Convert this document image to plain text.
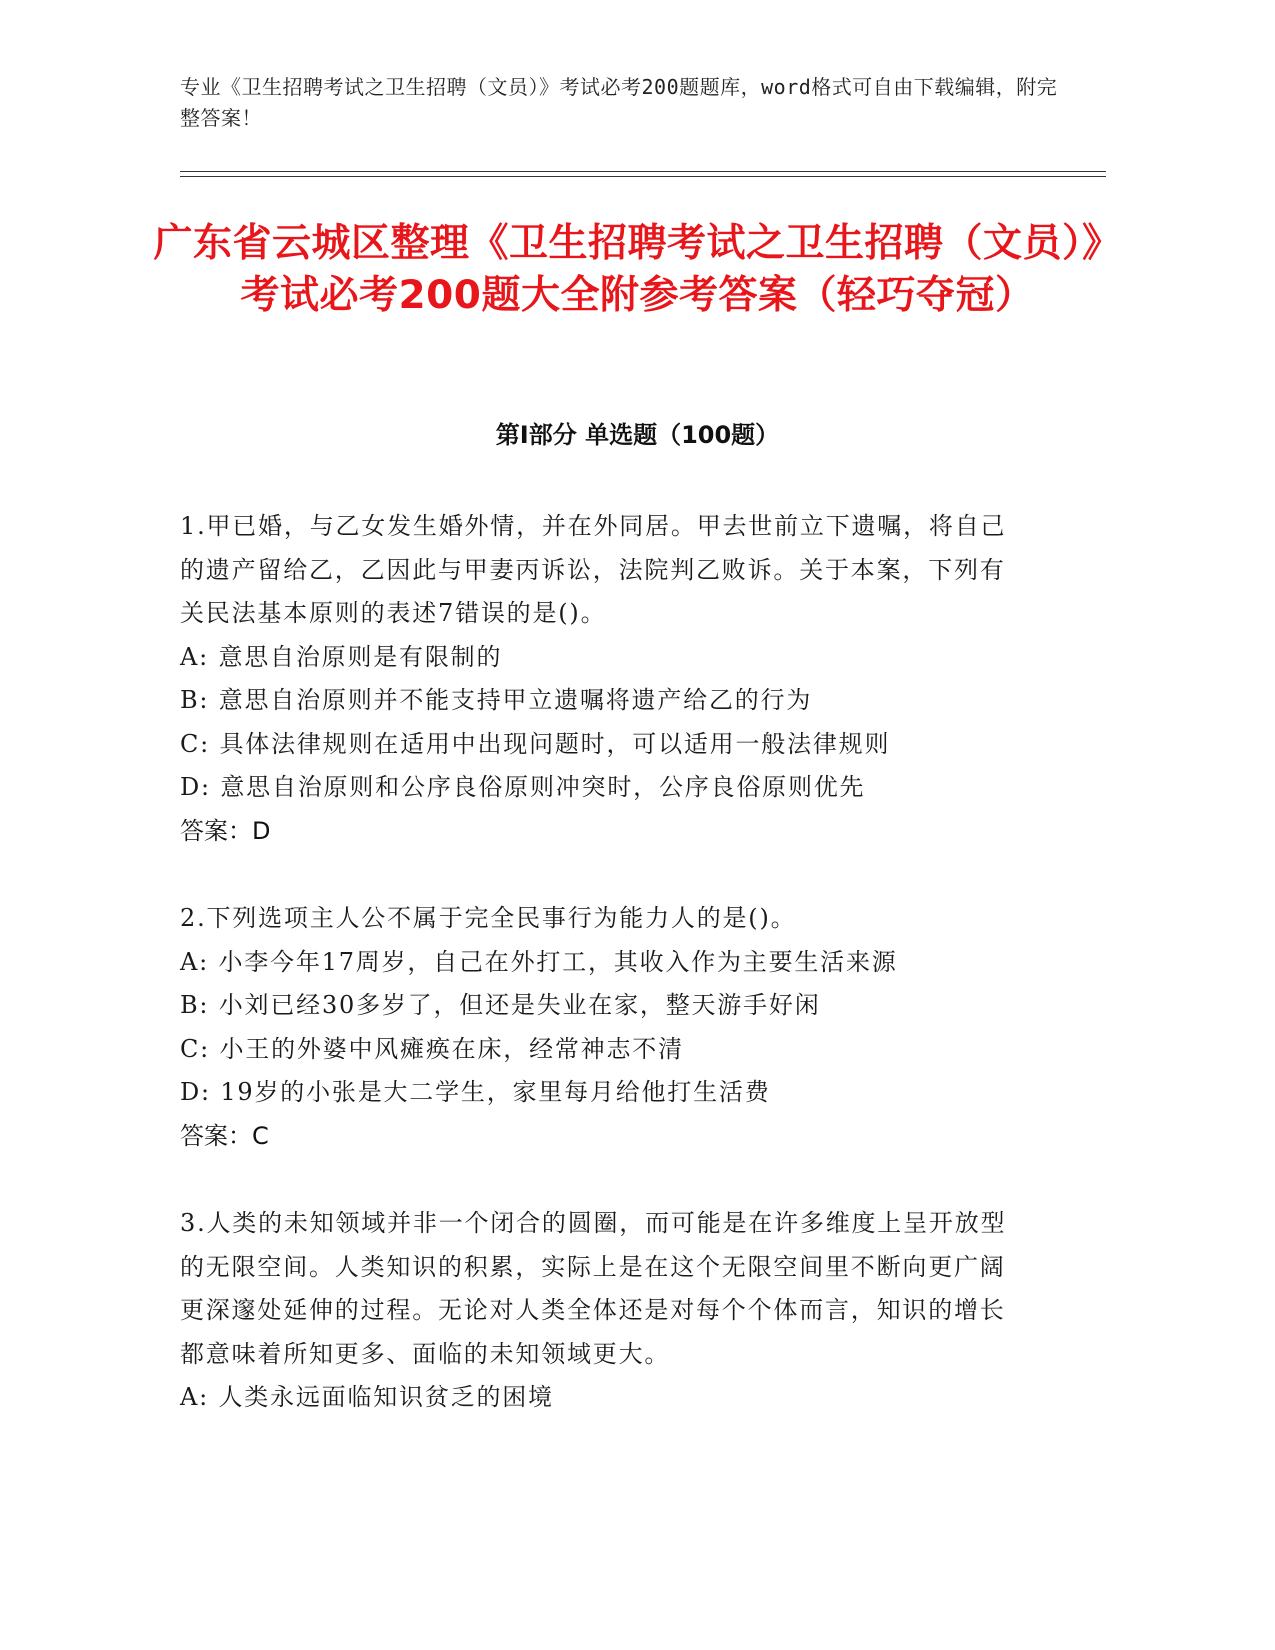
专业《卫生招聘考试之卫生招聘（文员）》考试必考200题题库，word格式可自由下载编辑，附完整答案！
广东省云城区整理《卫生招聘考试之卫生招聘（文员）》考试必考200题大全附参考答案（轻巧夺冠）
第Ⅰ部分 单选题（100题）
1.甲已婚，与乙女发生婚外情，并在外同居。甲去世前立下遗嘱，将自己的遗产留给乙，乙因此与甲妻丙诉讼，法院判乙败诉。关于本案，下列有关民法基本原则的表述7错误的是()。
A: 意思自治原则是有限制的
B: 意思自治原则并不能支持甲立遗嘱将遗产给乙的行为
C: 具体法律规则在适用中出现问题时，可以适用一般法律规则
D: 意思自治原则和公序良俗原则冲突时，公序良俗原则优先
答案：D
2.下列选项主人公不属于完全民事行为能力人的是()。
A: 小李今年17周岁，自己在外打工，其收入作为主要生活来源
B: 小刘已经30多岁了，但还是失业在家，整天游手好闲
C: 小王的外婆中风瘫痪在床，经常神志不清
D: 19岁的小张是大二学生，家里每月给他打生活费
答案：C
3.人类的未知领域并非一个闭合的圆圈，而可能是在许多维度上呈开放型的无限空间。人类知识的积累，实际上是在这个无限空间里不断向更广阔更深邃处延伸的过程。无论对人类全体还是对每个个体而言，知识的增长都意味着所知更多、面临的未知领域更大。
A: 人类永远面临知识贫乏的困境
